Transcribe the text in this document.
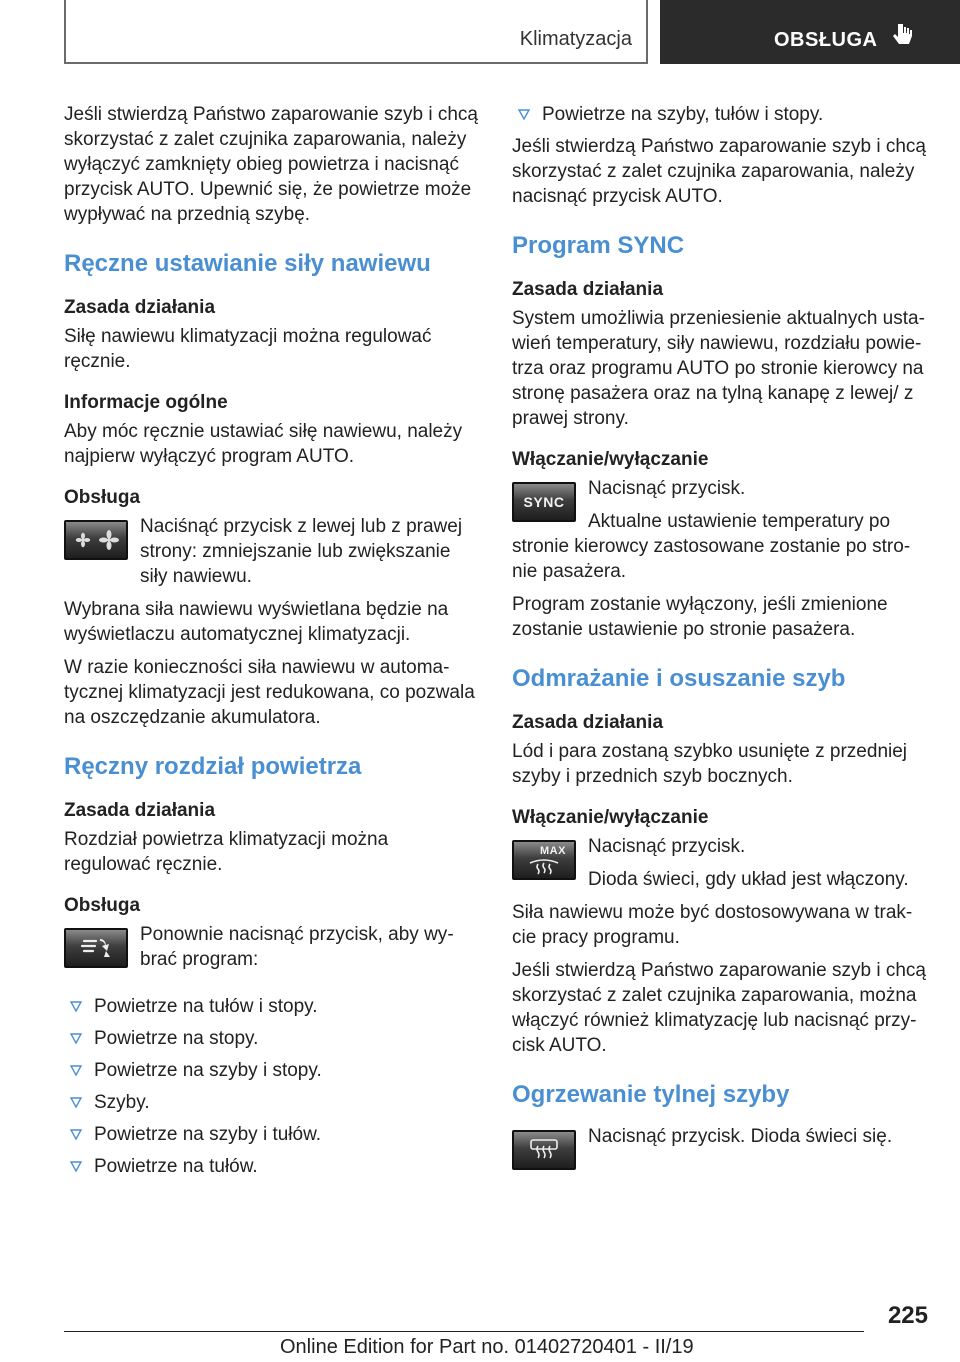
Klimatyzacja	OBSŁUGA

Jeśli stwierdzą Państwo zaparowanie szyb i chcą skorzystać z zalet czujnika zaparowania, należy wyłączyć zamknięty obieg powietrza i nacisnąć przycisk AUTO. Upewnić się, że powietrze może wypływać na przednią szybę.

Ręczne ustawianie siły nawiewu
Zasada działania

Siłę nawiewu klimatyzacji można regulować ręcznie.

Informacje ogólne

Aby móc ręcznie ustawiać siłę nawiewu, należy najpierw wyłączyć program AUTO.

Obsługa

Naciśnąć przycisk z lewej lub z prawej strony: zmniejszanie lub zwiększanie siły nawiewu.

Wybrana siła nawiewu wyświetlana będzie na wyświetlaczu automatycznej klimatyzacji.

W razie konieczności siła nawiewu w automatycznej klimatyzacji jest redukowana, co pozwala na oszczędzanie akumulatora.

Ręczny rozdział powietrza
Zasada działania

Rozdział powietrza klimatyzacji można regulować ręcznie.

Obsługa

Ponownie nacisnąć przycisk, aby wybrać program:

Powietrze na tułów i stopy.
Powietrze na stopy.
Powietrze na szyby i stopy.
Szyby.
Powietrze na szyby i tułów.
Powietrze na tułów.
Powietrze na szyby, tułów i stopy.

Jeśli stwierdzą Państwo zaparowanie szyb i chcą skorzystać z zalet czujnika zaparowania, należy nacisnąć przycisk AUTO.

Program SYNC
Zasada działania

System umożliwia przeniesienie aktualnych ustawień temperatury, siły nawiewu, rozdziału powietrza oraz programu AUTO po stronie kierowcy na stronę pasażera oraz na tylną kanapę z lewej/ z prawej strony.

Włączanie/wyłączanie
SYNC

Nacisnąć przycisk.

Aktualne ustawienie temperatury po stronie kierowcy zastosowane zostanie po stronie pasażera.

Program zostanie wyłączony, jeśli zmienione zostanie ustawienie po stronie pasażera.

Odmrażanie i osuszanie szyb
Zasada działania

Lód i para zostaną szybko usunięte z przedniej szyby i przednich szyb bocznych.

Włączanie/wyłączanie
MAX	Nacisnąć przycisk.

Dioda świeci, gdy układ jest włączony.

Siła nawiewu może być dostosowywana w trakcie pracy programu.

Jeśli stwierdzą Państwo zaparowanie szyb i chcą skorzystać z zalet czujnika zaparowania, można włączyć również klimatyzację lub nacisnąć przycisk AUTO.

Ogrzewanie tylnej szyby

Nacisnąć przycisk. Dioda świeci się.

225
Online Edition for Part no. 01402720401 - II/19
